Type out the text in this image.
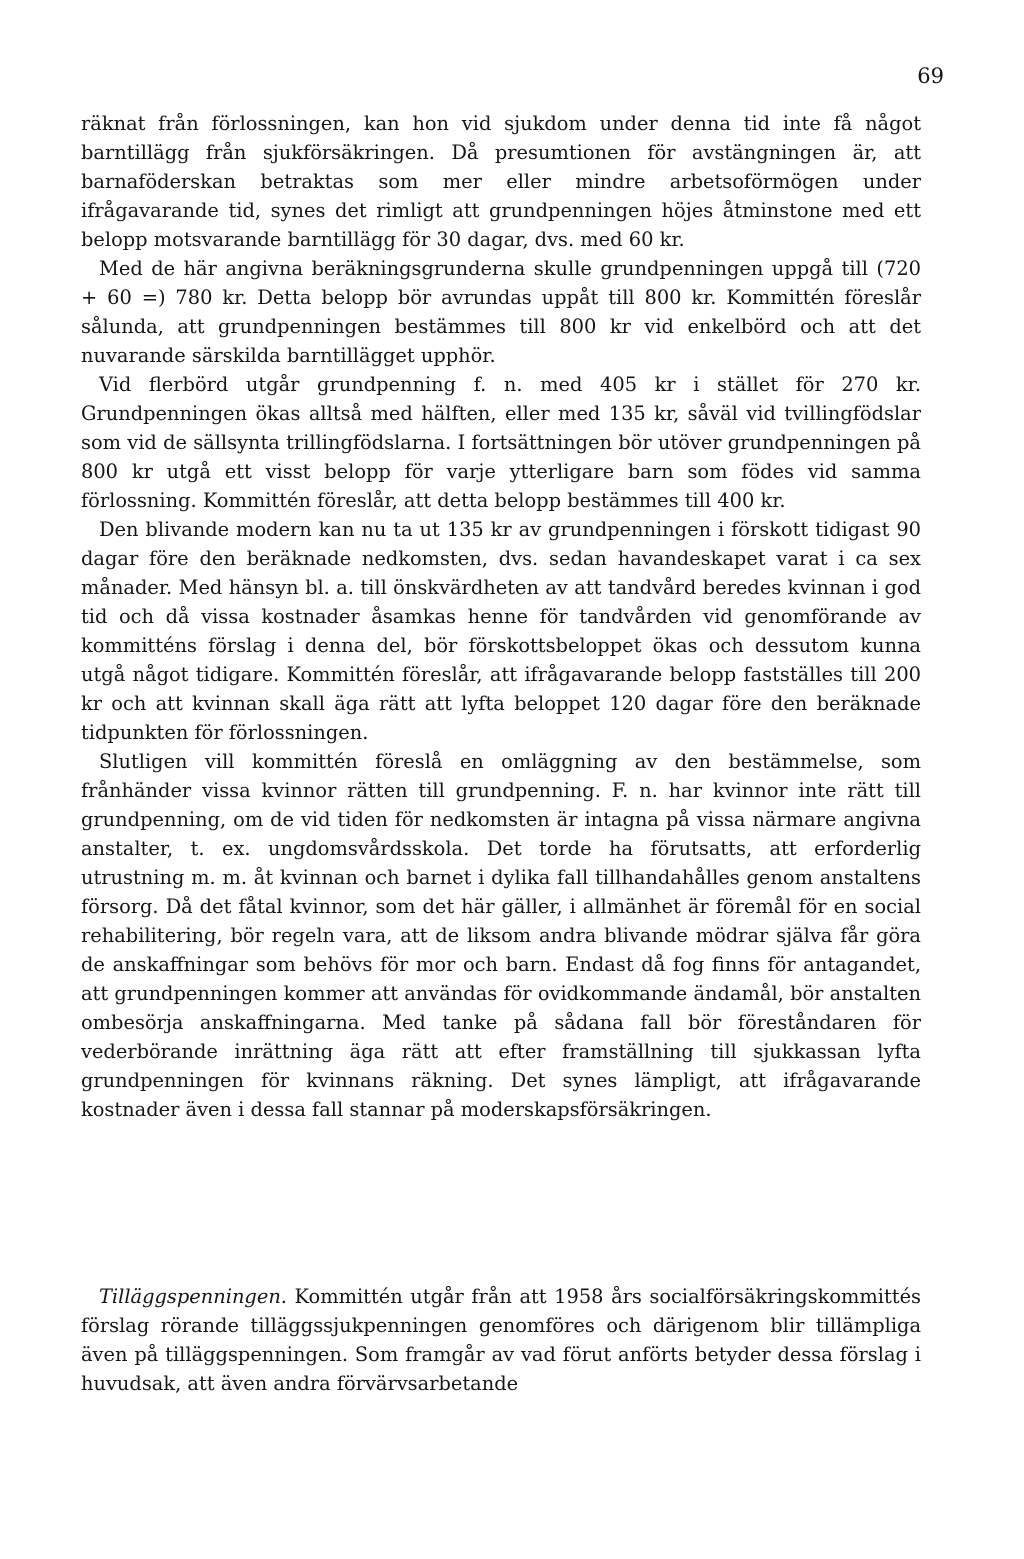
69

räknat från förlossningen, kan hon vid sjukdom under denna tid inte få något barntillägg från sjukförsäkringen. Då presumtionen för avstängningen är, att barnaföderskan betraktas som mer eller mindre arbetsoförmögen under ifrågavarande tid, synes det rimligt att grundpenningen höjes åtminstone med ett belopp motsvarande barntillägg för 30 dagar, dvs. med 60 kr.

Med de här angivna beräkningsgrunderna skulle grundpenningen uppgå till (720 + 60 =) 780 kr. Detta belopp bör avrundas uppåt till 800 kr. Kommittén föreslår sålunda, att grundpenningen bestämmes till 800 kr vid enkelbörd och att det nuvarande särskilda barntillägget upphör.

Vid flerbörd utgår grundpenning f. n. med 405 kr i stället för 270 kr. Grundpenningen ökas alltså med hälften, eller med 135 kr, såväl vid tvillingfödslar som vid de sällsynta trillingfödslarna. I fortsättningen bör utöver grundpenningen på 800 kr utgå ett visst belopp för varje ytterligare barn som födes vid samma förlossning. Kommittén föreslår, att detta belopp bestämmes till 400 kr.

Den blivande modern kan nu ta ut 135 kr av grundpenningen i förskott tidigast 90 dagar före den beräknade nedkomsten, dvs. sedan havandeskapet varat i ca sex månader. Med hänsyn bl. a. till önskvärdheten av att tandvård beredes kvinnan i god tid och då vissa kostnader åsamkas henne för tandvården vid genomförande av kommitténs förslag i denna del, bör förskottsbeloppet ökas och dessutom kunna utgå något tidigare. Kommittén föreslår, att ifrågavarande belopp fastställes till 200 kr och att kvinnan skall äga rätt att lyfta beloppet 120 dagar före den beräknade tidpunkten för förlossningen.

Slutligen vill kommittén föreslå en omläggning av den bestämmelse, som frånhänder vissa kvinnor rätten till grundpenning. F. n. har kvinnor inte rätt till grundpenning, om de vid tiden för nedkomsten är intagna på vissa närmare angivna anstalter, t. ex. ungdomsvårdsskola. Det torde ha förutsatts, att erforderlig utrustning m. m. åt kvinnan och barnet i dylika fall tillhandahålles genom anstaltens försorg. Då det fåtal kvinnor, som det här gäller, i allmänhet är föremål för en social rehabilitering, bör regeln vara, att de liksom andra blivande mödrar själva får göra de anskaffningar som behövs för mor och barn. Endast då fog finns för antagandet, att grundpenningen kommer att användas för ovidkommande ändamål, bör anstalten ombesörja anskaffningarna. Med tanke på sådana fall bör föreståndaren för vederbörande inrättning äga rätt att efter framställning till sjukkassan lyfta grundpenningen för kvinnans räkning. Det synes lämpligt, att ifrågavarande kostnader även i dessa fall stannar på moderskapsförsäkringen.

Tilläggspenningen. Kommittén utgår från att 1958 års socialförsäkringskommittés förslag rörande tilläggssjukpenningen genomföres och därigenom blir tillämpliga även på tilläggspenningen. Som framgår av vad förut anförts betyder dessa förslag i huvudsak, att även andra förvärvsarbetande
